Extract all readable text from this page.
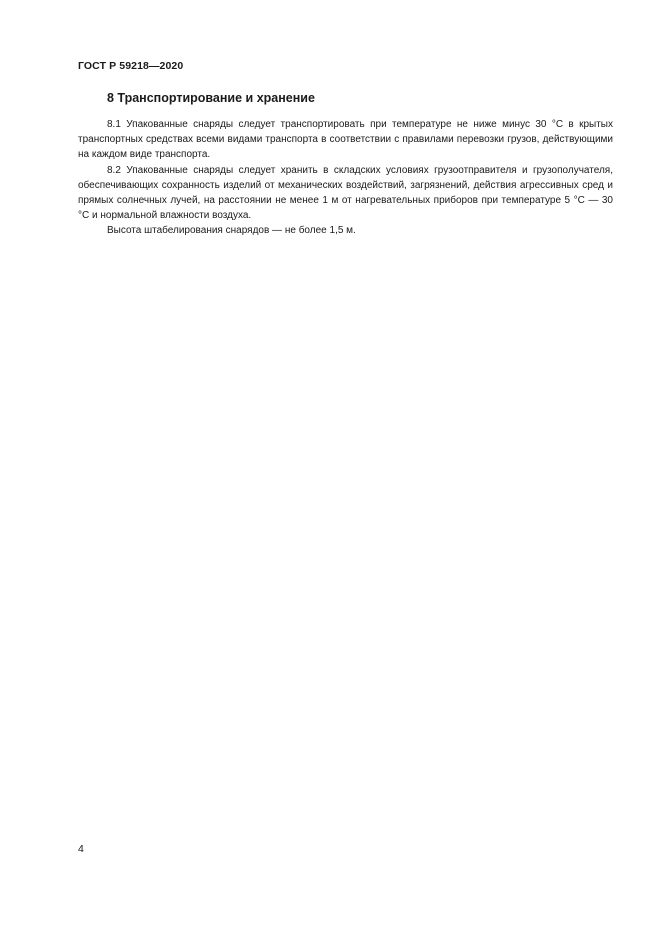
ГОСТ Р 59218—2020
8 Транспортирование и хранение

8.1 Упакованные снаряды следует транспортировать при температуре не ниже минус 30 °С в крытых транспортных средствах всеми видами транспорта в соответствии с правилами перевозки грузов, действующими на каждом виде транспорта.

8.2 Упакованные снаряды следует хранить в складских условиях грузоотправителя и грузополучателя, обеспечивающих сохранность изделий от механических воздействий, загрязнений, действия агрессивных сред и прямых солнечных лучей, на расстоянии не менее 1 м от нагревательных приборов при температуре 5 °С — 30 °С и нормальной влажности воздуха.

Высота штабелирования снарядов — не более 1,5 м.

4
